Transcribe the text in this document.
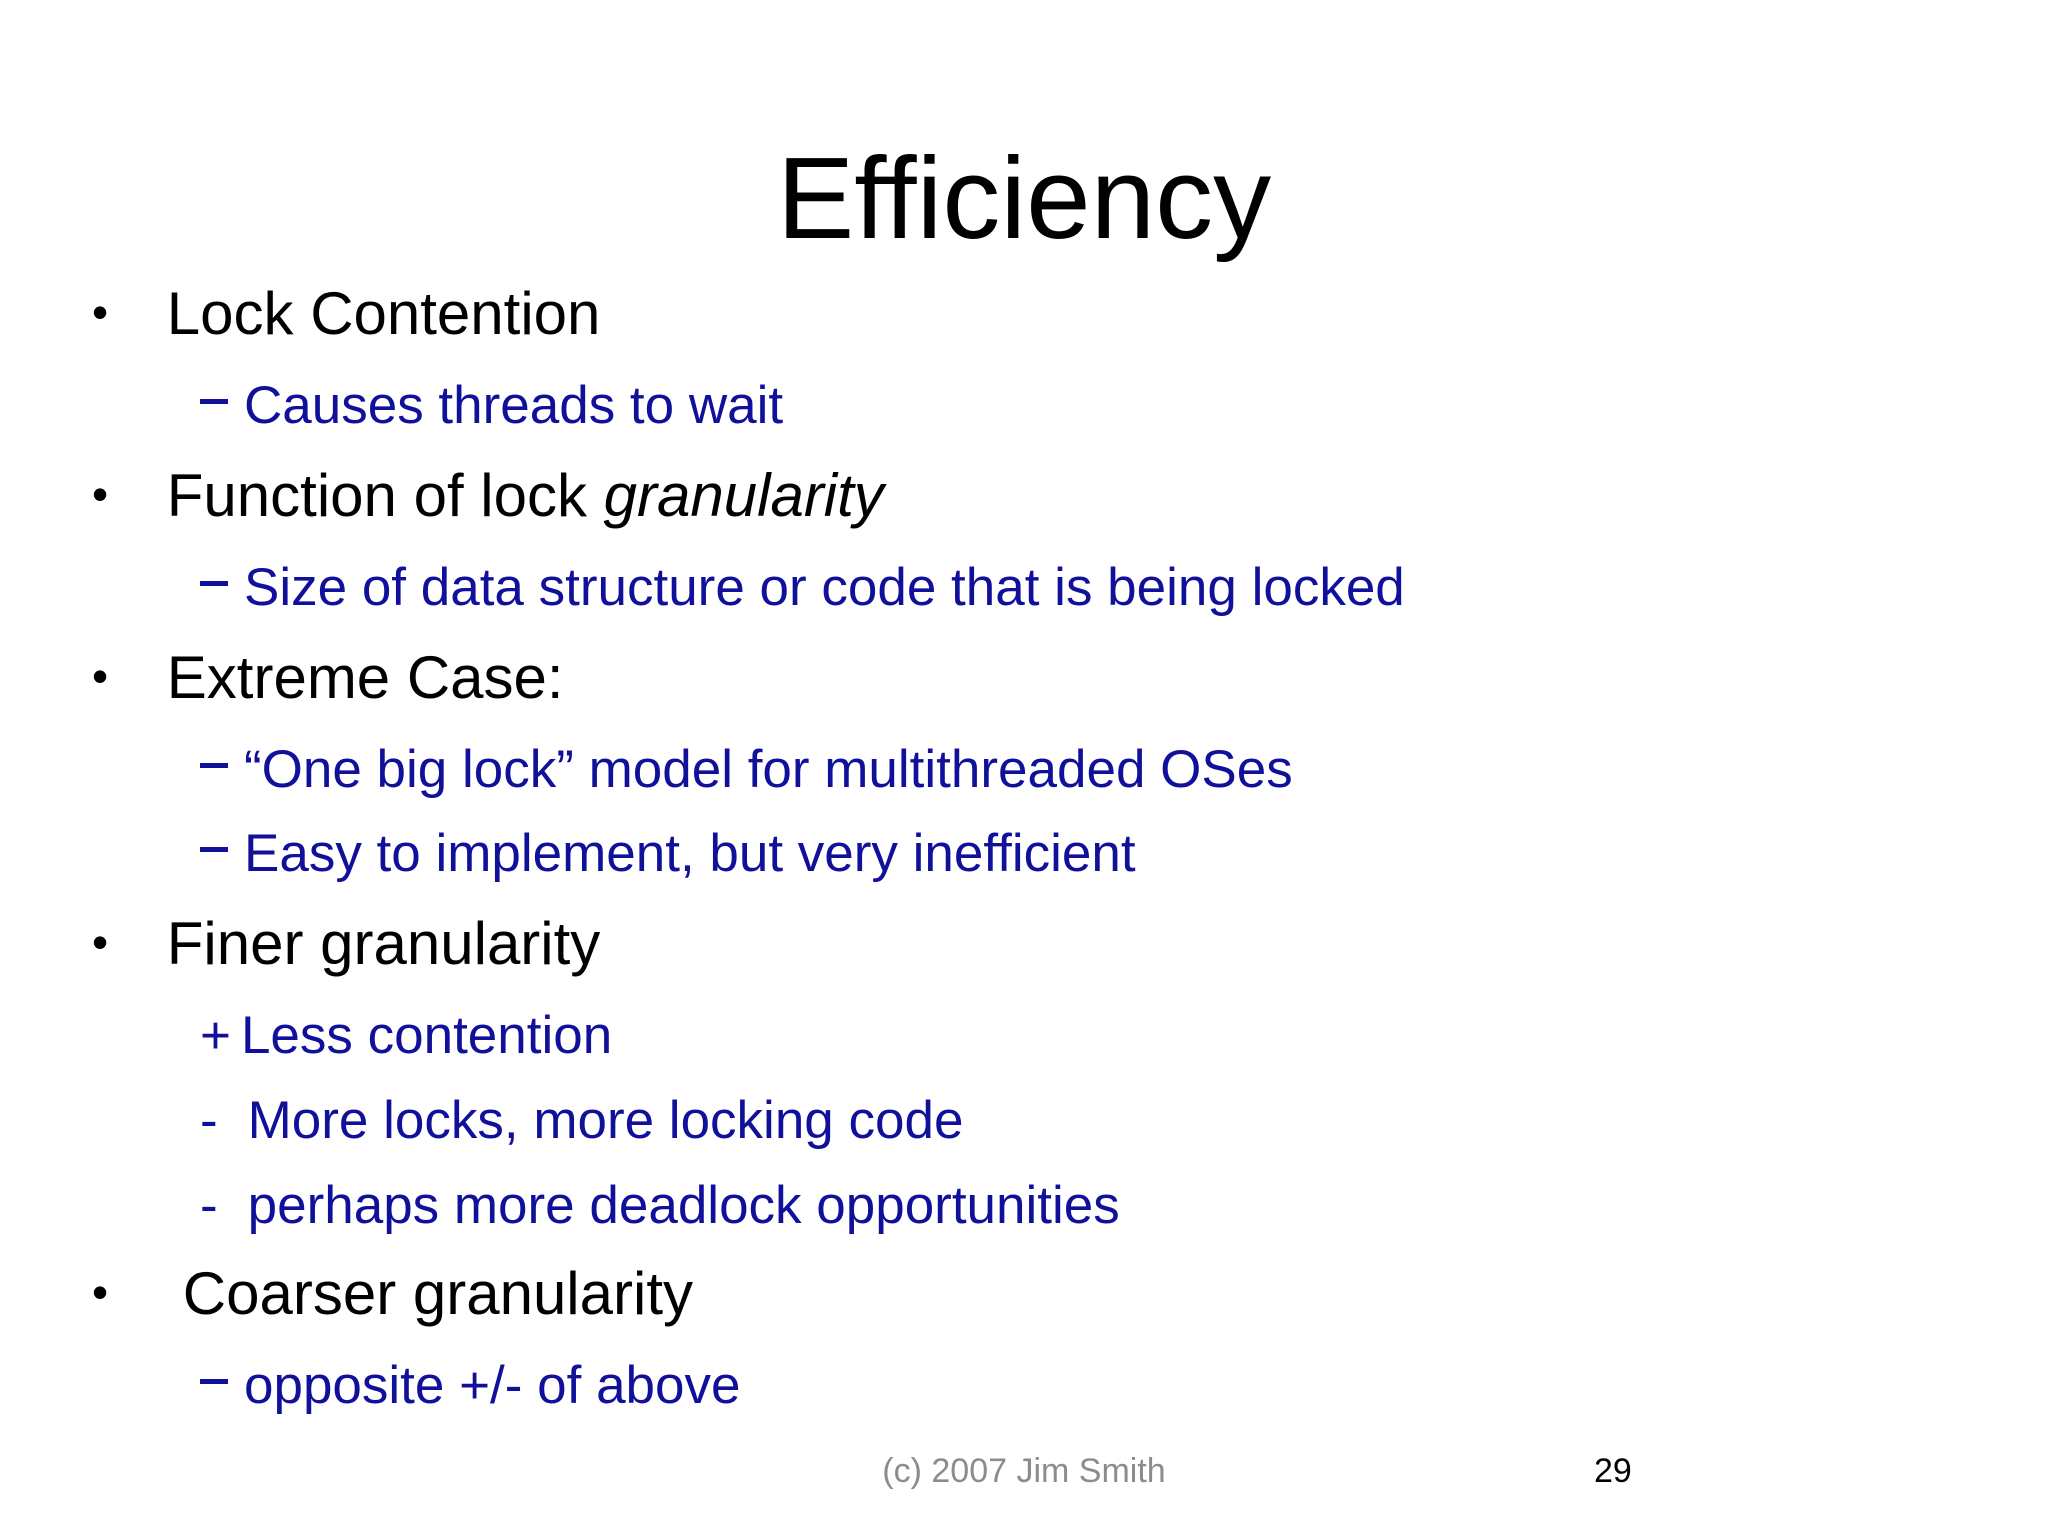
Efficiency
• Lock Contention
Causes threads to wait
• Function of lock granularity
Size of data structure or code that is being locked
• Extreme Case:
“One big lock” model for multithreaded OSes
Easy to implement, but very inefficient
• Finer granularity
+ Less contention
- More locks, more locking code
- perhaps more deadlock opportunities
• Coarser granularity
opposite +/- of above
(c) 2007 Jim Smith	29
